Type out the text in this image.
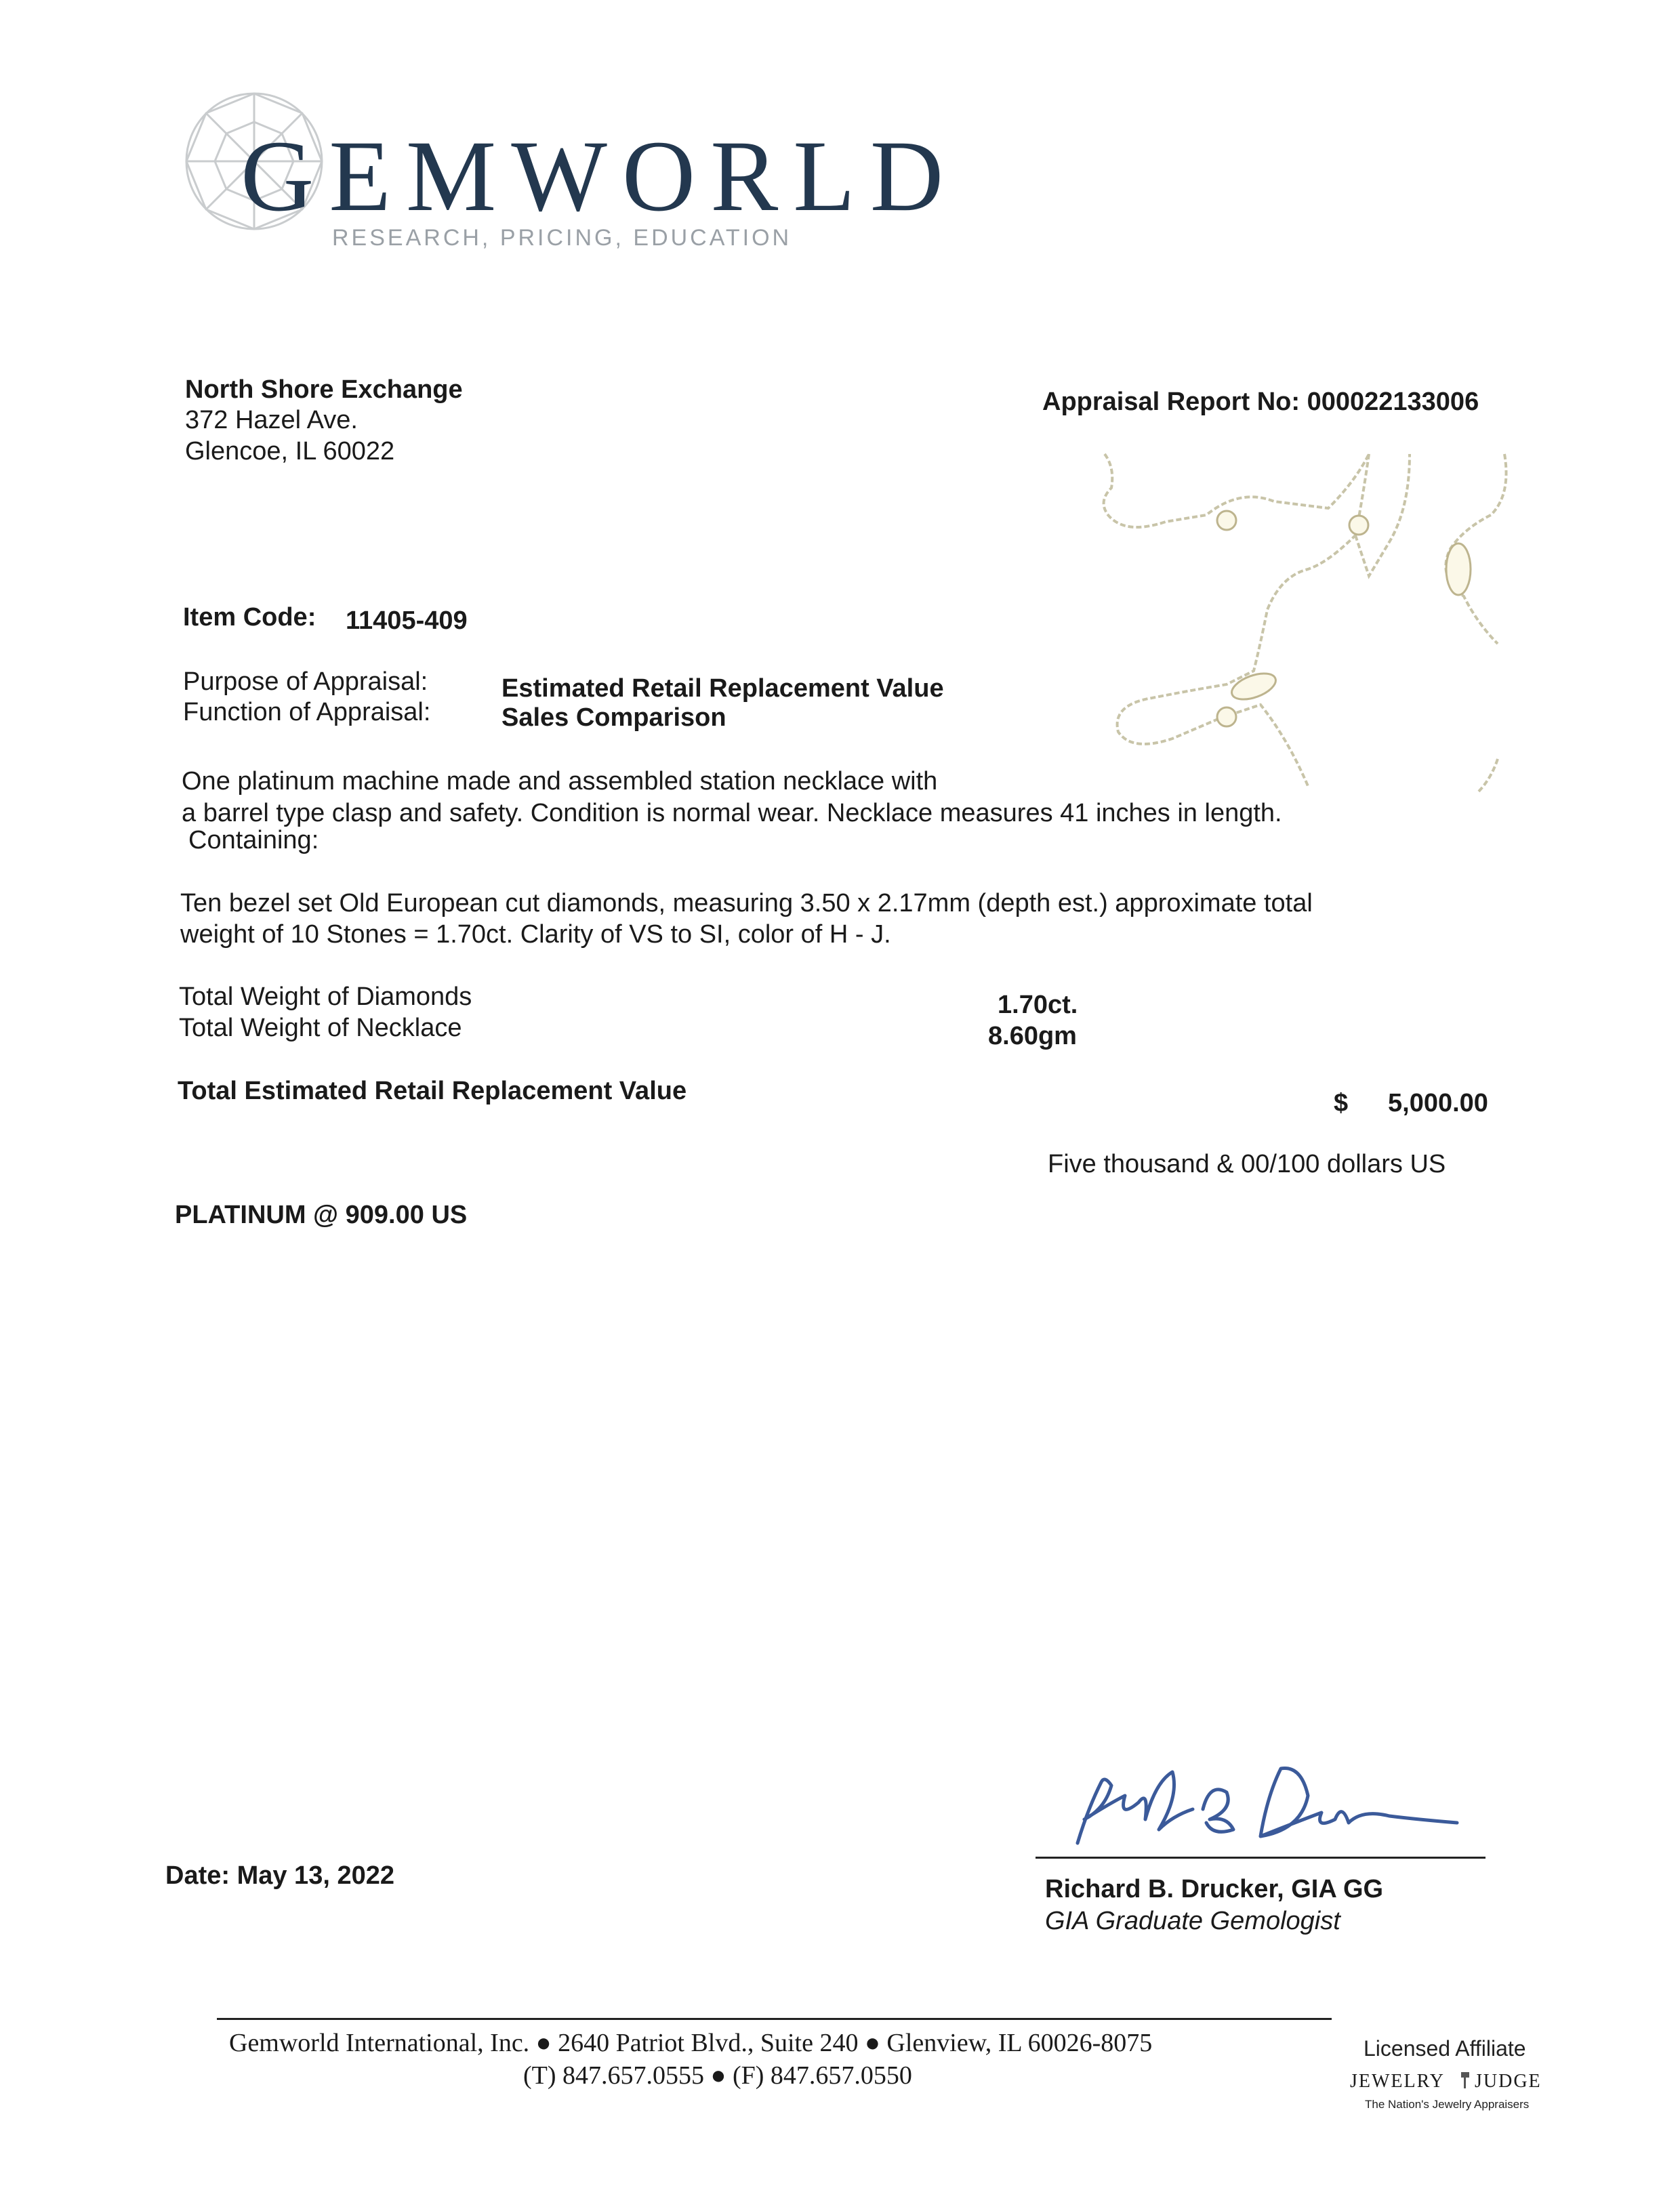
GEMWORLD
RESEARCH, PRICING, EDUCATION
North Shore Exchange
372 Hazel Ave.
Glencoe, IL 60022
Appraisal Report No: 000022133006
Item Code: 11405-409
Purpose of Appraisal:	Estimated Retail Replacement Value
Function of Appraisal:	Sales Comparison
One platinum machine made and assembled station necklace with
a barrel type clasp and safety. Condition is normal wear. Necklace measures 41 inches in length.
Containing:
Ten bezel set Old European cut diamonds, measuring 3.50 x 2.17mm (depth est.) approximate total
weight of 10 Stones = 1.70ct. Clarity of VS to SI, color of H - J.
Total Weight of Diamonds	1.70ct.
Total Weight of Necklace	8.60gm
Total Estimated Retail Replacement Value	$ 5,000.00
Five thousand & 00/100 dollars US
PLATINUM @ 909.00 US
Date: May 13, 2022	Richard B. Drucker, GIA GG
GIA Graduate Gemologist
Gemworld International, Inc. ● 2640 Patriot Blvd., Suite 240 ● Glenview, IL 60026-8075
(T) 847.657.0555 ● (F) 847.657.0550
Licensed Affiliate
JEWELRY JUDGE
The Nation's Jewelry Appraisers
